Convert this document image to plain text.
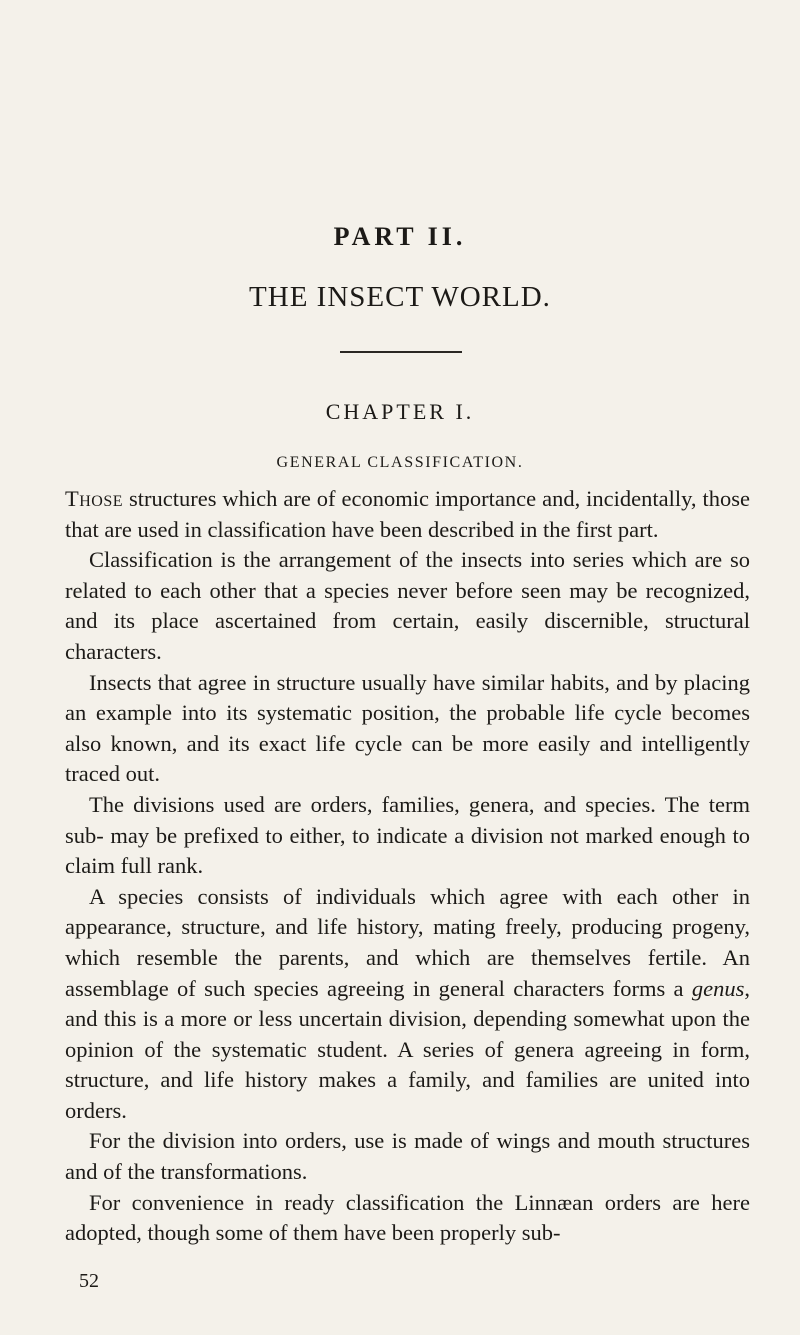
PART II.
THE INSECT WORLD.
CHAPTER I.
GENERAL CLASSIFICATION.

Those structures which are of economic importance and, incidentally, those that are used in classification have been described in the first part.

Classification is the arrangement of the insects into series which are so related to each other that a species never before seen may be recognized, and its place ascertained from certain, easily discernible, structural characters.

Insects that agree in structure usually have similar habits, and by placing an example into its systematic position, the probable life cycle becomes also known, and its exact life cycle can be more easily and intelligently traced out.

The divisions used are orders, families, genera, and species. The term sub- may be prefixed to either, to indicate a division not marked enough to claim full rank.

A species consists of individuals which agree with each other in appearance, structure, and life history, mating freely, producing progeny, which resemble the parents, and which are themselves fertile. An assemblage of such species agreeing in general characters forms a genus, and this is a more or less uncertain division, depending somewhat upon the opinion of the systematic student. A series of genera agreeing in form, structure, and life history makes a family, and families are united into orders.

For the division into orders, use is made of wings and mouth structures and of the transformations.

For convenience in ready classification the Linnæan orders are here adopted, though some of them have been properly sub-

52
